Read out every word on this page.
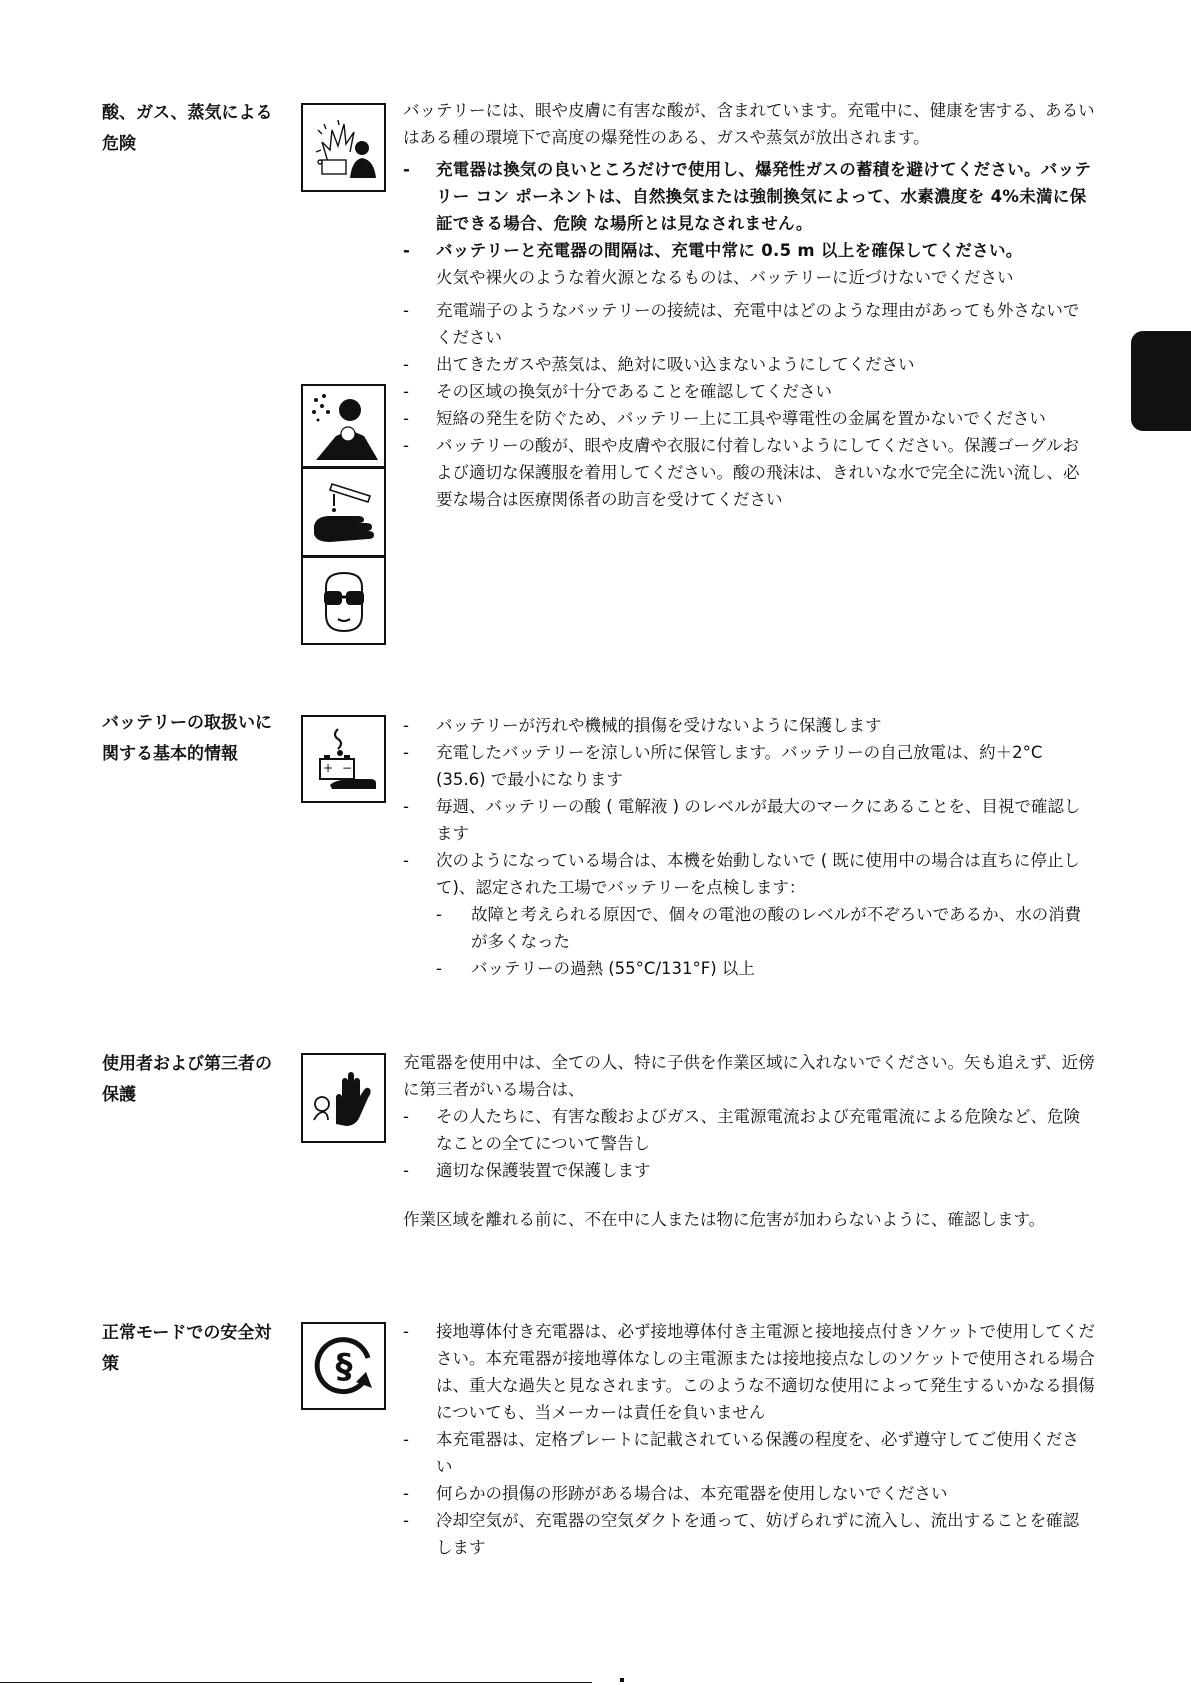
酸、ガス、蒸気による危険

バッテリーには、眼や皮膚に有害な酸が、含まれています。充電中に、健康を害する、あるいはある種の環境下で高度の爆発性のある、ガスや蒸気が放出されます。

- 充電器は換気の良いところだけで使用し、爆発性ガスの蓄積を避けてください。バッテリー コン ポーネントは、自然換気または強制換気によって、水素濃度を 4%未満に保証できる場合、危険 な場所とは見なされません。
- バッテリーと充電器の間隔は、充電中常に 0.5 m 以上を確保してください。
火気や裸火のような着火源となるものは、バッテリーに近づけないでください
- 充電端子のようなバッテリーの接続は、充電中はどのような理由があっても外さないでください
- 出てきたガスや蒸気は、絶対に吸い込まないようにしてください
- その区域の換気が十分であることを確認してください
- 短絡の発生を防ぐため、バッテリー上に工具や導電性の金属を置かないでください
- バッテリーの酸が、眼や皮膚や衣服に付着しないようにしてください。保護ゴーグルおよび適切な保護服を着用してください。酸の飛沫は、きれいな水で完全に洗い流し、必要な場合は医療関係者の助言を受けてください
バッテリーの取扱いに関する基本的情報
+ −
- バッテリーが汚れや機械的損傷を受けないように保護します
- 充電したバッテリーを涼しい所に保管します。バッテリーの自己放電は、約＋2°C (35.6) で最小になります
- 毎週、バッテリーの酸 ( 電解液 ) のレベルが最大のマークにあることを、目視で確認します
- 次のようになっている場合は、本機を始動しないで ( 既に使用中の場合は直ちに停止して)、認定された工場でバッテリーを点検します：
- 故障と考えられる原因で、個々の電池の酸のレベルが不ぞろいであるか、水の消費が多くなった
- バッテリーの過熱 (55°C/131°F) 以上
使用者および第三者の保護

充電器を使用中は、全ての人、特に子供を作業区域に入れないでください。矢も追えず、近傍に第三者がいる場合は、

- その人たちに、有害な酸およびガス、主電源電流および充電電流による危険など、危険なことの全てについて警告し
- 適切な保護装置で保護します

作業区域を離れる前に、不在中に人または物に危害が加わらないように、確認します。

正常モードでの安全対策	§
- 接地導体付き充電器は、必ず接地導体付き主電源と接地接点付きソケットで使用してください。本充電器が接地導体なしの主電源または接地接点なしのソケットで使用される場合は、重大な過失と見なされます。このような不適切な使用によって発生するいかなる損傷についても、当メーカーは責任を負いません
- 本充電器は、定格プレートに記載されている保護の程度を、必ず遵守してご使用ください
- 何らかの損傷の形跡がある場合は、本充電器を使用しないでください
- 冷却空気が、充電器の空気ダクトを通って、妨げられずに流入し、流出することを確認します
